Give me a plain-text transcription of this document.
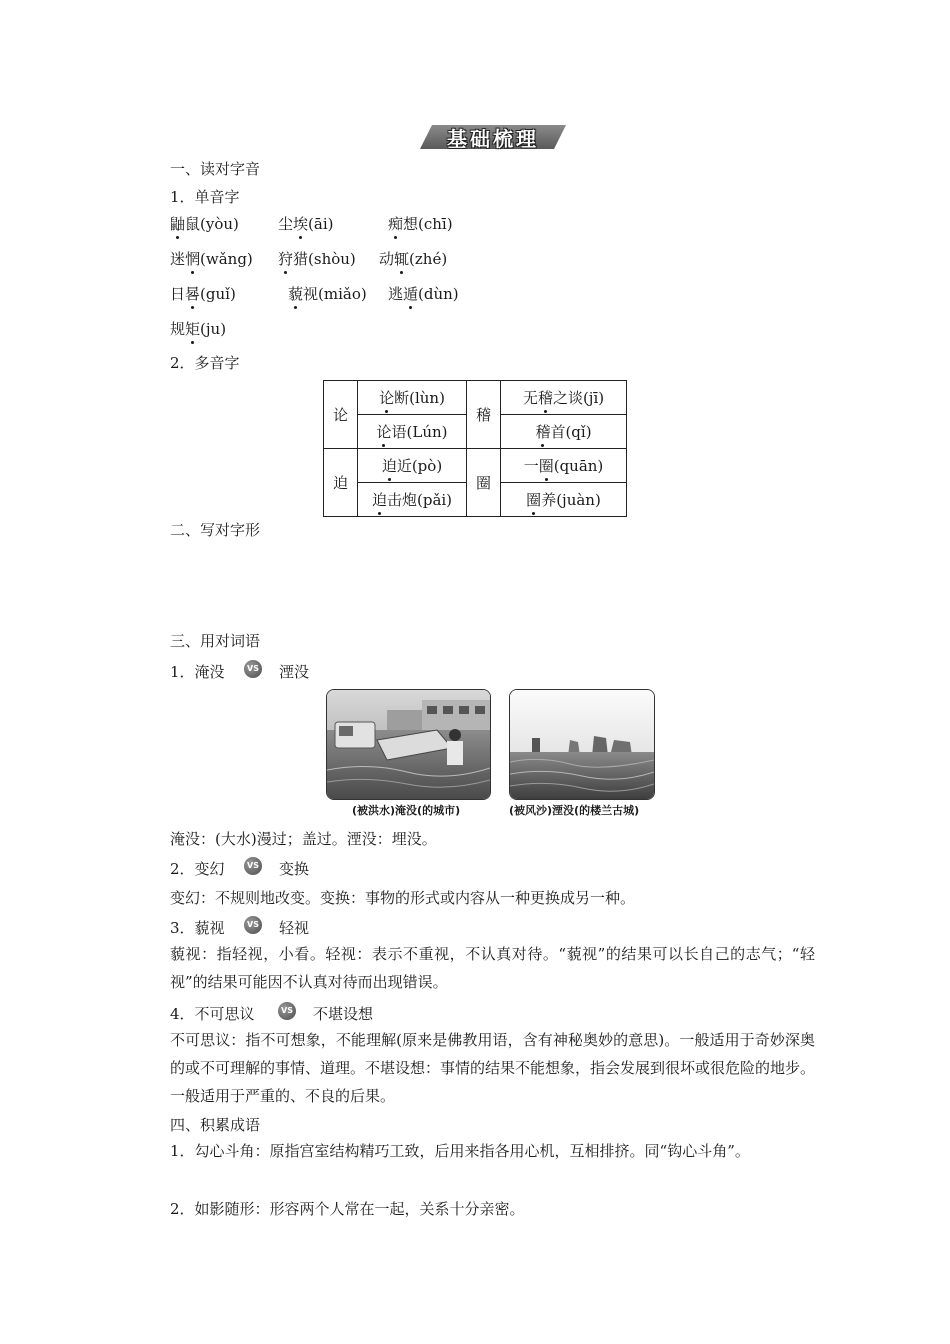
基础梳理
一、读对字音
1．单音字
鼬鼠(yòu)	尘埃(āi)	痴想(chī)
迷惘(wǎng) 狩猎(shòu) 动辄(zhé)
日晷(guǐ)	藐视(miǎo) 逃遁(dùn)
规矩(ju)
2．多音字
论	论断(lùn)	稽	无稽之谈(jī)
	论语(Lún)		稽首(qǐ)
迫	迫近(pò)	圈	一圈(quān)
	迫击炮(pǎi)		圈养(juàn)
二、写对字形
三、用对词语
1．淹没	VS 湮没
(被洪水)淹没(的城市)	(被风沙)湮没(的楼兰古城)
淹没：(大水)漫过；盖过。湮没：埋没。
2．变幻	VS 变换
变幻：不规则地改变。变换：事物的形式或内容从一种更换成另一种。
3．藐视	VS 轻视

藐视：指轻视，小看。轻视：表示不重视，不认真对待。“藐视”的结果可以长自己的志气；“轻视”的结果可能因不认真对待而出现错误。

4．不可思议	VS 不堪设想

不可思议：指不可想象，不能理解(原来是佛教用语，含有神秘奥妙的意思)。一般适用于奇妙深奥的或不可理解的事情、道理。不堪设想：事情的结果不能想象，指会发展到很坏或很危险的地步。一般适用于严重的、不良的后果。

四、积累成语

1．勾心斗角：原指宫室结构精巧工致，后用来指各用心机，互相排挤。同“钩心斗角”。

2．如影随形：形容两个人常在一起，关系十分亲密。
